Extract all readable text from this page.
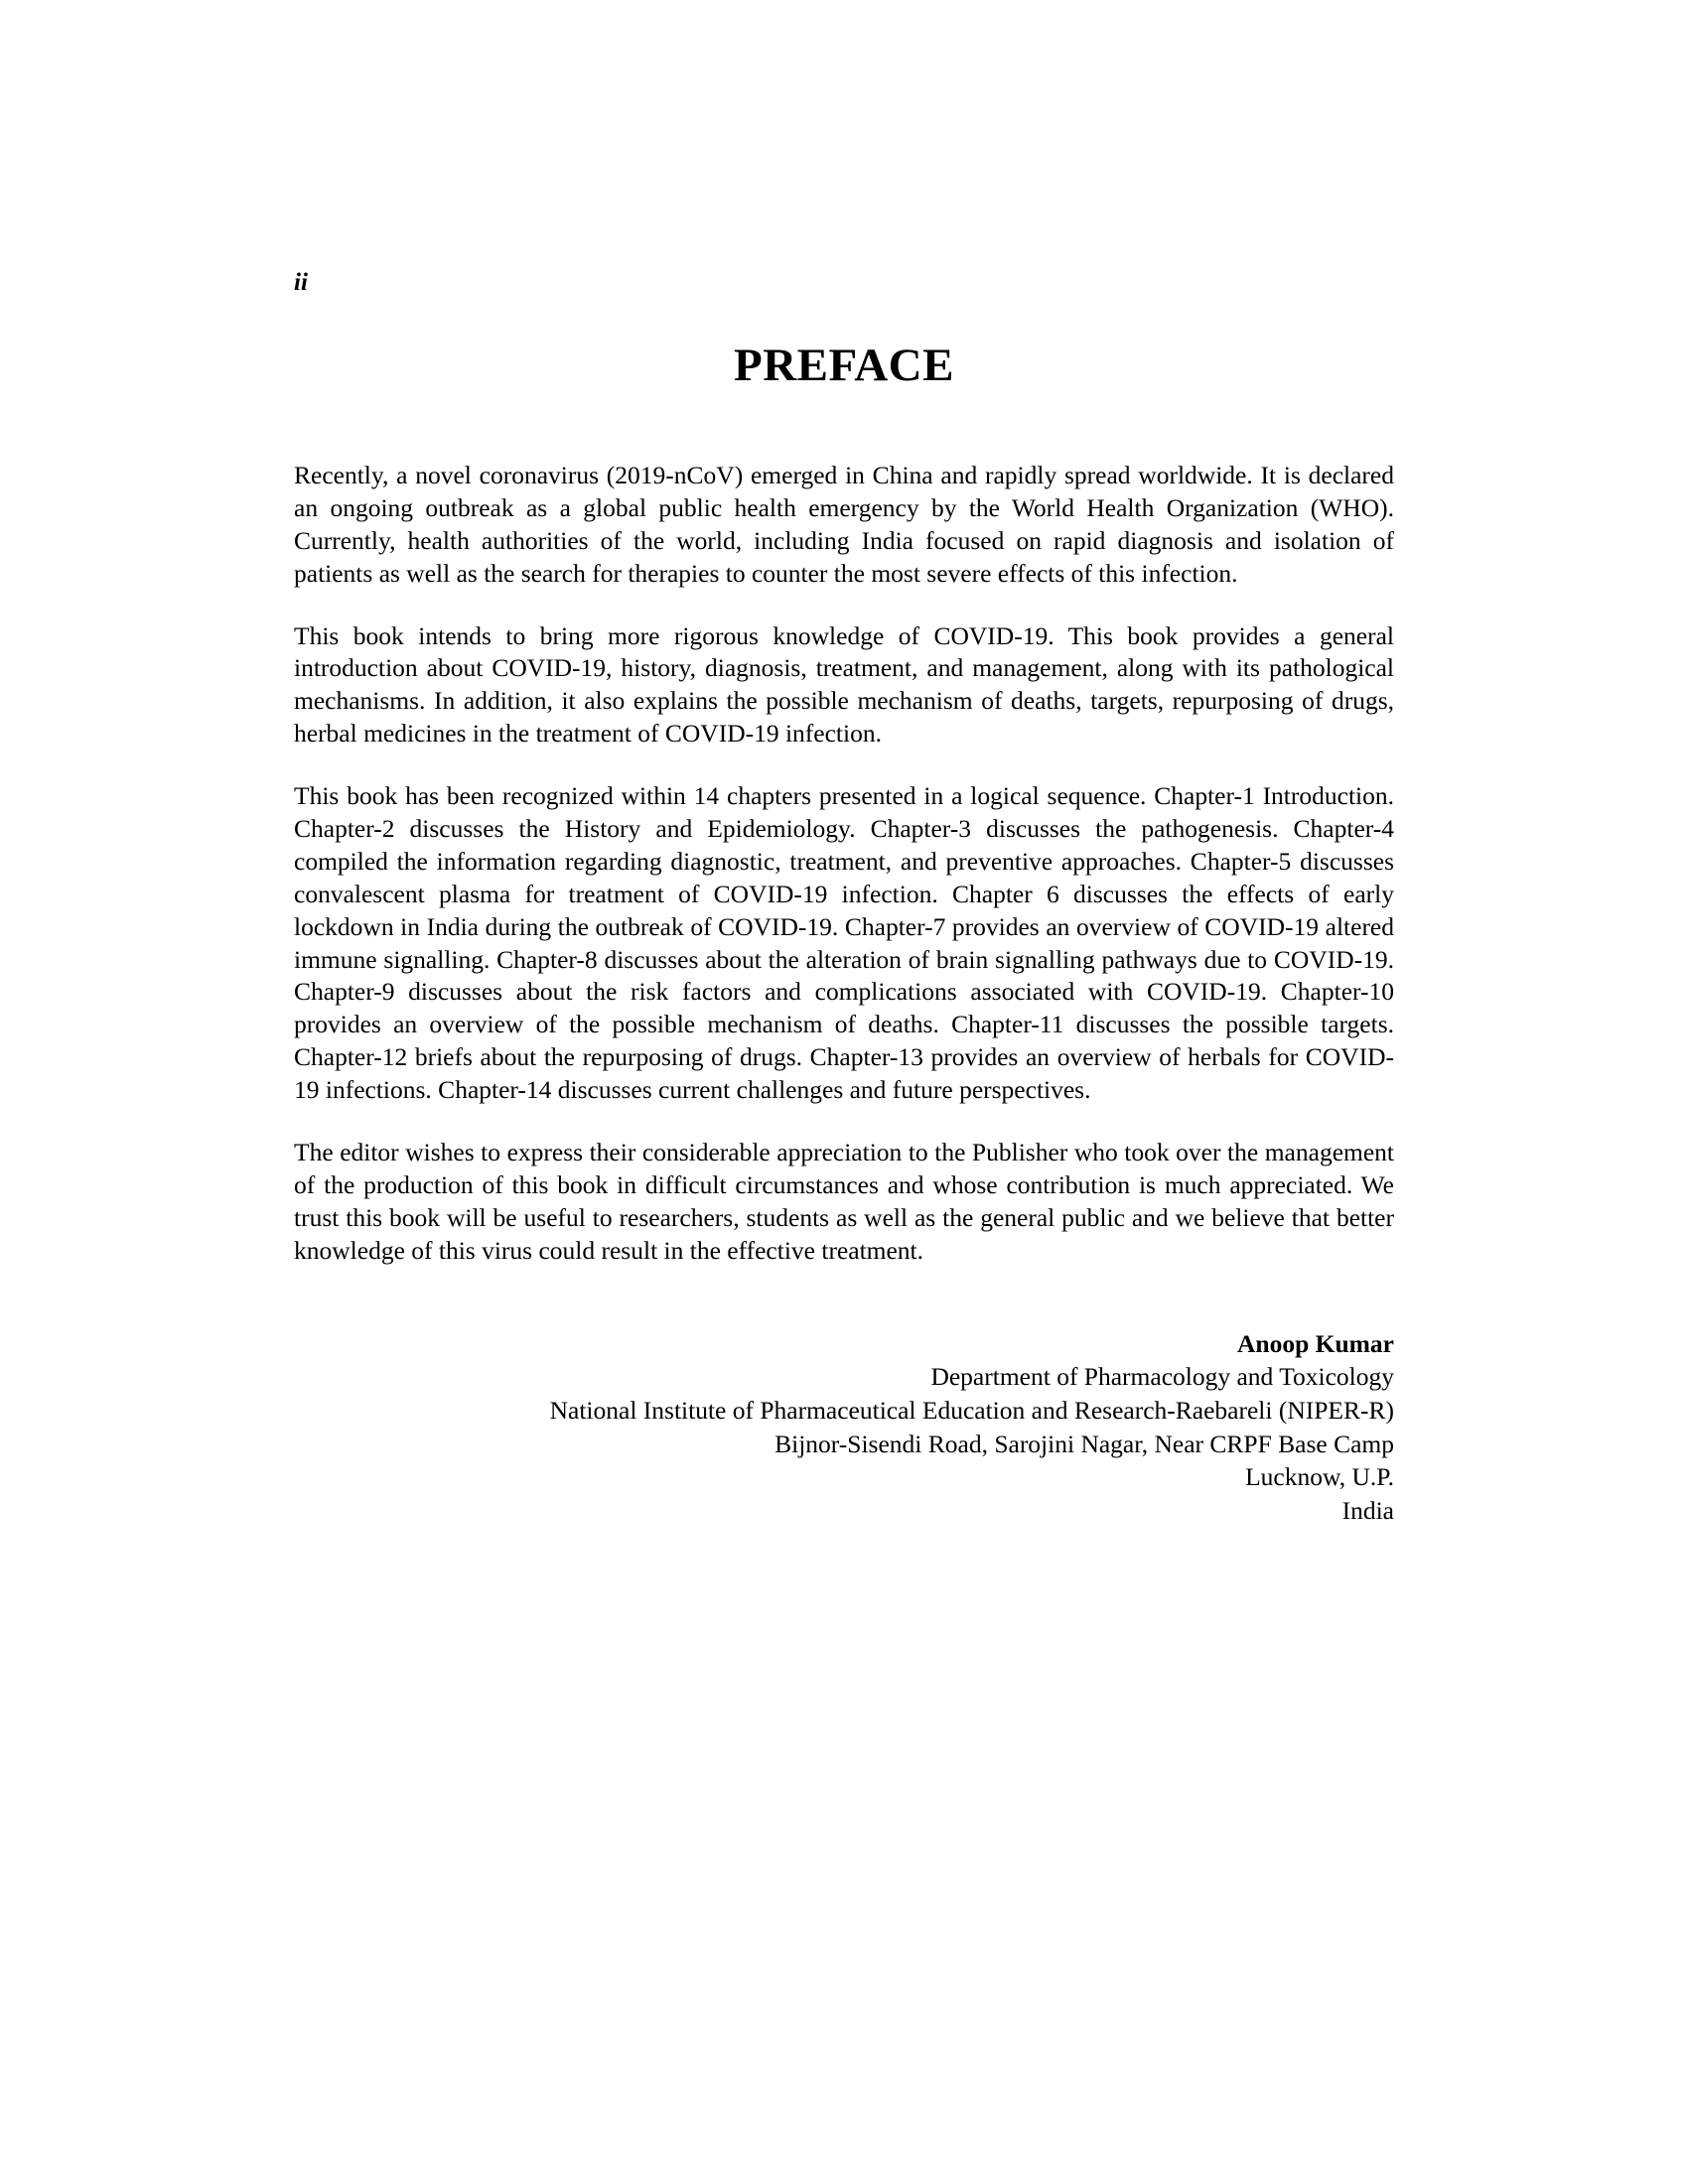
ii
PREFACE

Recently, a novel coronavirus (2019-nCoV) emerged in China and rapidly spread worldwide. It is declared an ongoing outbreak as a global public health emergency by the World Health Organization (WHO). Currently, health authorities of the world, including India focused on rapid diagnosis and isolation of patients as well as the search for therapies to counter the most severe effects of this infection.

This book intends to bring more rigorous knowledge of COVID-19. This book provides a general introduction about COVID-19, history, diagnosis, treatment, and management, along with its pathological mechanisms. In addition, it also explains the possible mechanism of deaths, targets, repurposing of drugs, herbal medicines in the treatment of COVID-19 infection.

This book has been recognized within 14 chapters presented in a logical sequence. Chapter-1 Introduction. Chapter-2 discusses the History and Epidemiology. Chapter-3 discusses the pathogenesis. Chapter-4 compiled the information regarding diagnostic, treatment, and preventive approaches. Chapter-5 discusses convalescent plasma for treatment of COVID-19 infection. Chapter 6 discusses the effects of early lockdown in India during the outbreak of COVID-19. Chapter-7 provides an overview of COVID-19 altered immune signalling. Chapter-8 discusses about the alteration of brain signalling pathways due to COVID-19. Chapter-9 discusses about the risk factors and complications associated with COVID-19. Chapter-10 provides an overview of the possible mechanism of deaths. Chapter-11 discusses the possible targets. Chapter-12 briefs about the repurposing of drugs. Chapter-13 provides an overview of herbals for COVID-19 infections. Chapter-14 discusses current challenges and future perspectives.

The editor wishes to express their considerable appreciation to the Publisher who took over the management of the production of this book in difficult circumstances and whose contribution is much appreciated. We trust this book will be useful to researchers, students as well as the general public and we believe that better knowledge of this virus could result in the effective treatment.

Anoop Kumar
Department of Pharmacology and Toxicology
National Institute of Pharmaceutical Education and Research-Raebareli (NIPER-R)
Bijnor-Sisendi Road, Sarojini Nagar, Near CRPF Base Camp
Lucknow, U.P.
India
